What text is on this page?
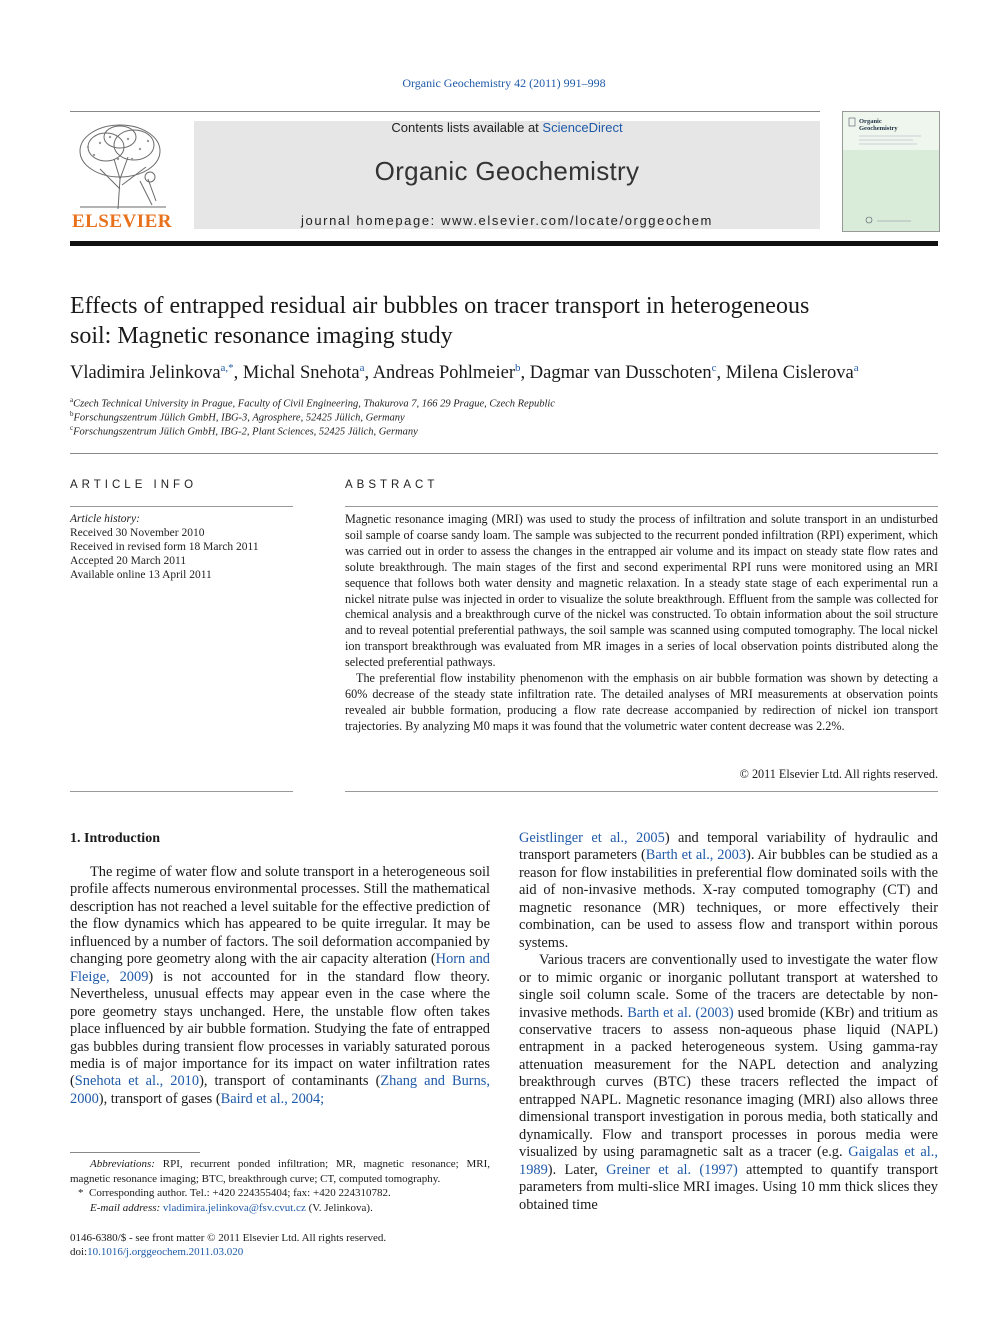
Organic Geochemistry 42 (2011) 991–998
ELSEVIER
Contents lists available at ScienceDirect
Organic Geochemistry
journal homepage: www.elsevier.com/locate/orggeochem
Organic
Geochemistry
Effects of entrapped residual air bubbles on tracer transport in heterogeneous
soil: Magnetic resonance imaging study
Vladimira Jelinkova$^{a,*}$, Michal Snehota$^a$, Andreas Pohlmeier$^b$, Dagmar van Dusschoten$^c$, Milena Cislerova$^a$
$^a$Czech Technical University in Prague, Faculty of Civil Engineering, Thakurova 7, 166 29 Prague, Czech Republic
$^b$Forschungszentrum Jülich GmbH, IBG-3, Agrosphere, 52425 Jülich, Germany
$^c$Forschungszentrum Jülich GmbH, IBG-2, Plant Sciences, 52425 Jülich, Germany
ARTICLE INFO
Article history:
Received 30 November 2010
Received in revised form 18 March 2011
Accepted 20 March 2011
Available online 13 April 2011
ABSTRACT

Magnetic resonance imaging (MRI) was used to study the process of infiltration and solute transport in an undisturbed soil sample of coarse sandy loam. The sample was subjected to the recurrent ponded infiltration (RPI) experiment, which was carried out in order to assess the changes in the entrapped air volume and its impact on steady state flow rates and solute breakthrough. The main stages of the first and second experimental RPI runs were monitored using an MRI sequence that follows both water density and magnetic relaxation. In a steady state stage of each experimental run a nickel nitrate pulse was injected in order to visualize the solute breakthrough. Effluent from the sample was collected for chemical analysis and a breakthrough curve of the nickel was constructed. To obtain information about the soil structure and to reveal potential preferential pathways, the soil sample was scanned using computed tomography. The local nickel ion transport breakthrough was evaluated from MR images in a series of local observation points distributed along the selected preferential pathways.

The preferential flow instability phenomenon with the emphasis on air bubble formation was shown by detecting a 60% decrease of the steady state infiltration rate. The detailed analyses of MRI measurements at observation points revealed air bubble formation, producing a flow rate decrease accompanied by redirection of nickel ion transport trajectories. By analyzing M0 maps it was found that the volumetric water content decrease was 2.2%.

© 2011 Elsevier Ltd. All rights reserved.
1. Introduction

The regime of water flow and solute transport in a heterogeneous soil profile affects numerous environmental processes. Still the mathematical description has not reached a level suitable for the effective prediction of the flow dynamics which has appeared to be quite irregular. It may be influenced by a number of factors. The soil deformation accompanied by changing pore geometry along with the air capacity alteration (Horn and Fleige, 2009) is not accounted for in the standard flow theory. Nevertheless, unusual effects may appear even in the case where the pore geometry stays unchanged. Here, the unstable flow often takes place influenced by air bubble formation. Studying the fate of entrapped gas bubbles during transient flow processes in variably saturated porous media is of major importance for its impact on water infiltration rates (Snehota et al., 2010), transport of contaminants (Zhang and Burns, 2000), transport of gases (Baird et al., 2004;

Geistlinger et al., 2005) and temporal variability of hydraulic and transport parameters (Barth et al., 2003). Air bubbles can be studied as a reason for flow instabilities in preferential flow dominated soils with the aid of non-invasive methods. X-ray computed tomography (CT) and magnetic resonance (MR) techniques, or more effectively their combination, can be used to assess flow and transport within porous systems.

Various tracers are conventionally used to investigate the water flow or to mimic organic or inorganic pollutant transport at watershed to single soil column scale. Some of the tracers are detectable by non-invasive methods. Barth et al. (2003) used bromide (KBr) and tritium as conservative tracers to assess non-aqueous phase liquid (NAPL) entrapment in a packed heterogeneous system. Using gamma-ray attenuation measurement for the NAPL detection and analyzing breakthrough curves (BTC) these tracers reflected the impact of entrapped NAPL. Magnetic resonance imaging (MRI) also allows three dimensional transport investigation in porous media, both statically and dynamically. Flow and transport processes in porous media were visualized by using paramagnetic salt as a tracer (e.g. Gaigalas et al., 1989). Later, Greiner et al. (1997) attempted to quantify transport parameters from multi-slice MRI images. Using 10 mm thick slices they obtained time

Abbreviations: RPI, recurrent ponded infiltration; MR, magnetic resonance; MRI, magnetic resonance imaging; BTC, breakthrough curve; CT, computed tomography.

* Corresponding author. Tel.: +420 224355404; fax: +420 224310782.

E-mail address: vladimira.jelinkova@fsv.cvut.cz (V. Jelinkova).

0146-6380/$ - see front matter © 2011 Elsevier Ltd. All rights reserved.

doi:10.1016/j.orggeochem.2011.03.020
